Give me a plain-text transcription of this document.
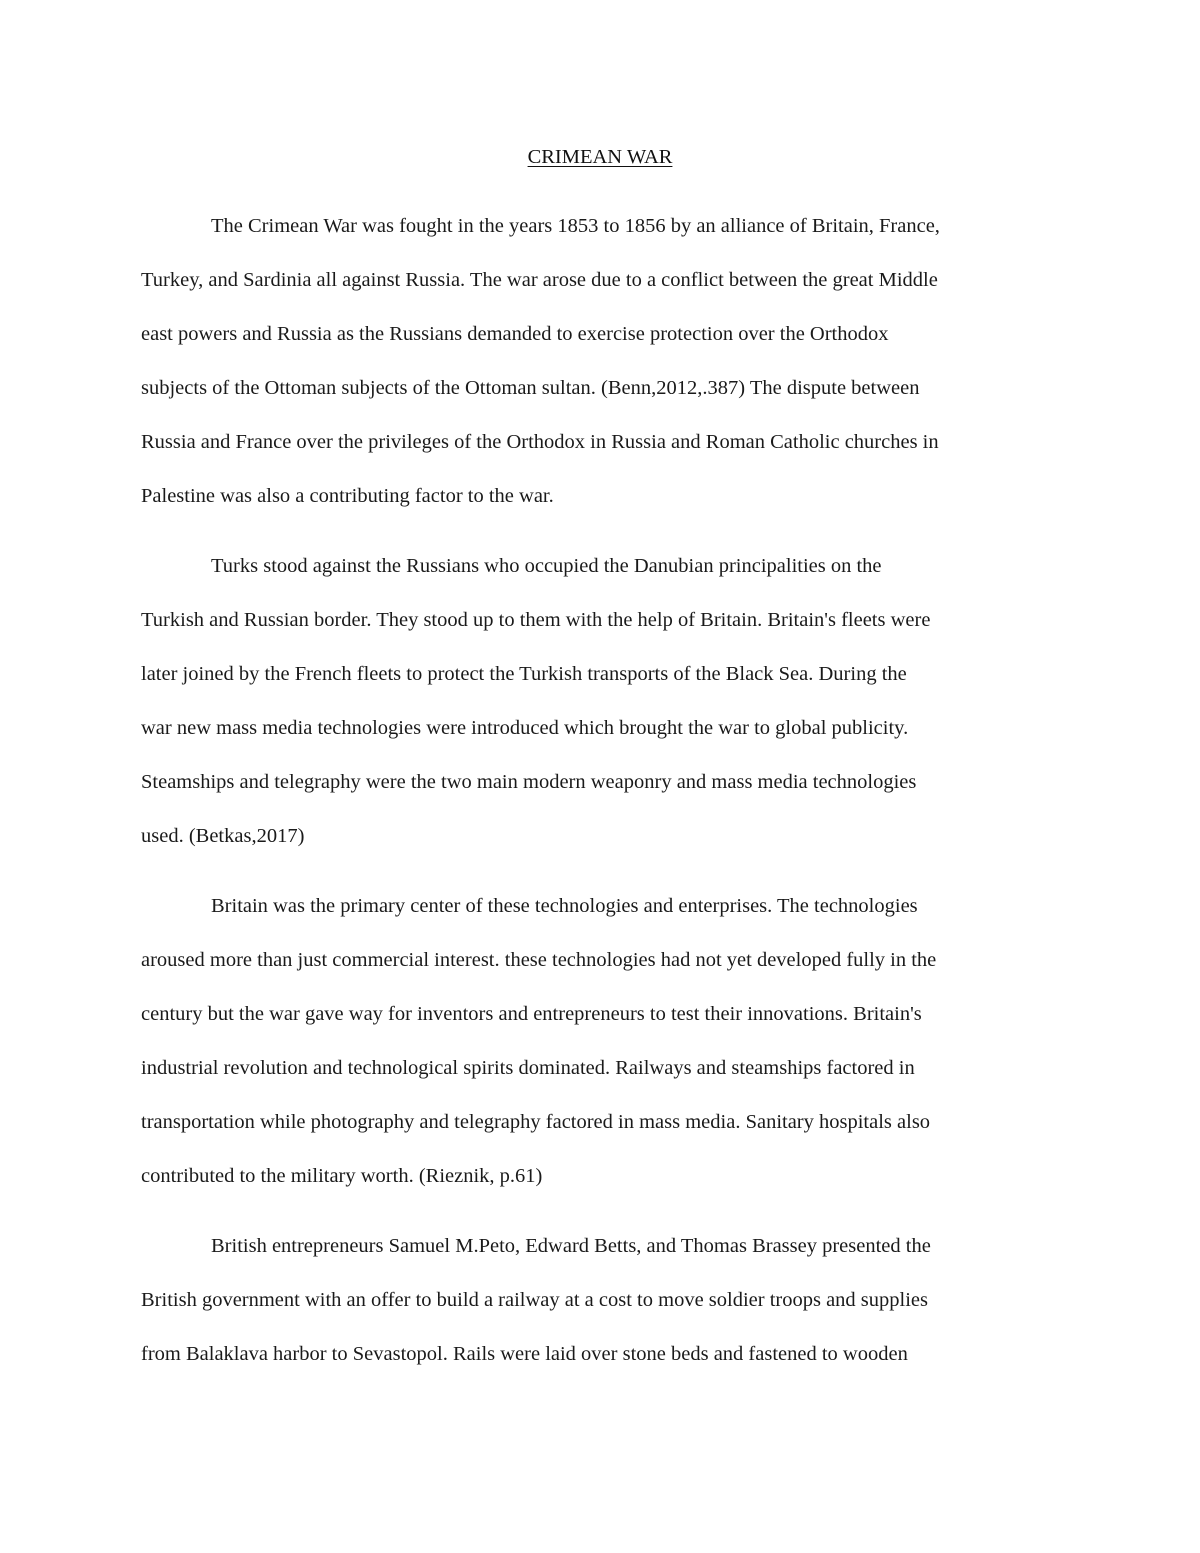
CRIMEAN WAR

The Crimean War was fought in the years 1853 to 1856 by an alliance of Britain, France,

Turkey, and Sardinia all against Russia. The war arose due to a conflict between the great Middle

east powers and Russia as the Russians demanded to exercise protection over the Orthodox

subjects of the Ottoman subjects of the Ottoman sultan. (Benn,2012,.387) The dispute between

Russia and France over the privileges of the Orthodox in Russia and Roman Catholic churches in

Palestine was also a contributing factor to the war.

Turks stood against the Russians who occupied the Danubian principalities on the

Turkish and Russian border. They stood up to them with the help of Britain. Britain's fleets were

later joined by the French fleets to protect the Turkish transports of the Black Sea. During the

war new mass media technologies were introduced which brought the war to global publicity.

Steamships and telegraphy were the two main modern weaponry and mass media technologies

used. (Betkas,2017)

Britain was the primary center of these technologies and enterprises. The technologies

aroused more than just commercial interest. these technologies had not yet developed fully in the

century but the war gave way for inventors and entrepreneurs to test their innovations. Britain's

industrial revolution and technological spirits dominated. Railways and steamships factored in

transportation while photography and telegraphy factored in mass media. Sanitary hospitals also

contributed to the military worth. (Rieznik, p.61)

British entrepreneurs Samuel M.Peto, Edward Betts, and Thomas Brassey presented the

British government with an offer to build a railway at a cost to move soldier troops and supplies

from Balaklava harbor to Sevastopol. Rails were laid over stone beds and fastened to wooden
